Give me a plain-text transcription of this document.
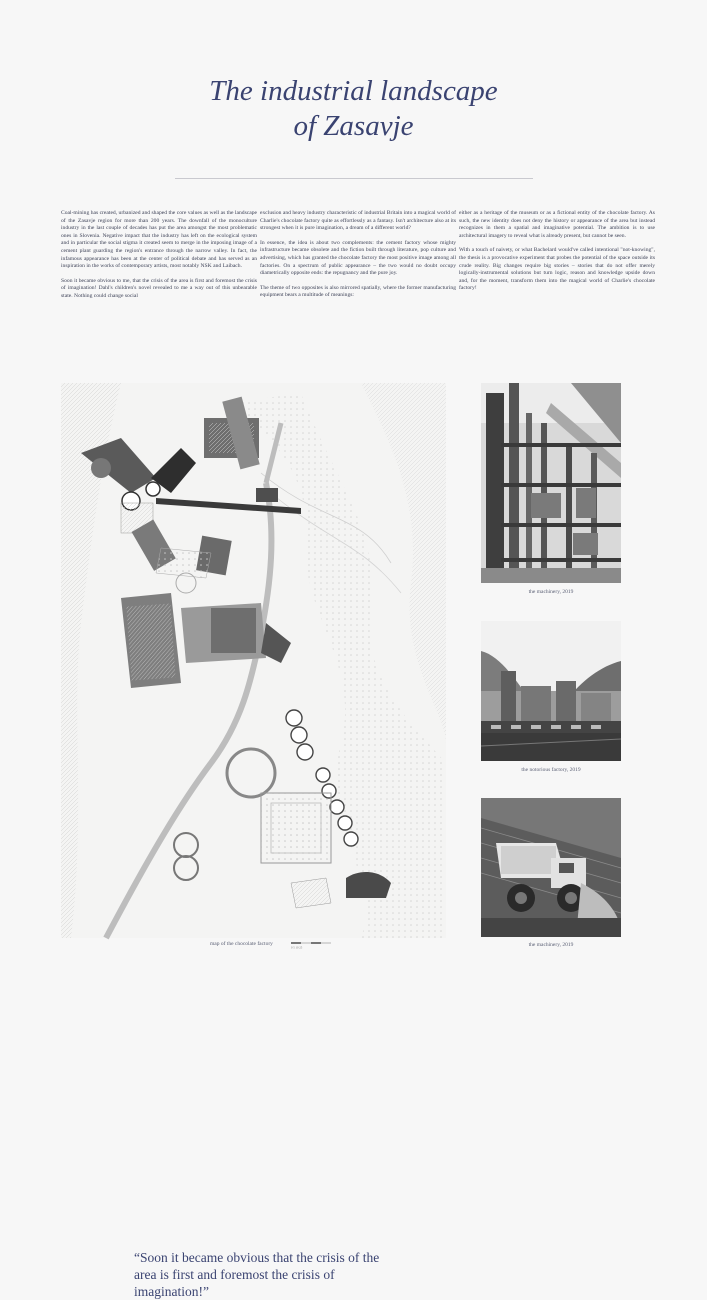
The industrial landscape
of Zasavje

Coal-mining has created, urbanized and shaped the core values as well as the landscape of the Zasavje region for more than 200 years. The downfall of the monoculture industry in the last couple of decades has put the area amongst the most problematic ones in Slovenia. Negative impact that the industry has left on the ecological system and in particular the social stigma it created seem to merge in the imposing image of a cement plant guarding the region's entrance through the narrow valley. In fact, the infamous appearance has been at the center of political debate and has served as an inspiration in the works of contemporary artists, most notably NSK and Laibach.

Soon it became obvious to me, that the crisis of the area is first and foremost the crisis of imagination! Dahl's children's novel revealed to me a way out of this unbearable state. Nothing could change social

exclusion and heavy industry characteristic of industrial Britain into a magical world of Charlie's chocolate factory quite as effortlessly as a fantasy. Isn't architecture also at its strongest when it is pure imagination, a dream of a different world?

In essence, the idea is about two complements: the cement factory whose mighty infrastructure became obsolete and the fiction built through literature, pop culture and advertising, which has granted the chocolate factory the most positive image among all factories. On a spectrum of public appearance – the two would no doubt occupy diametrically opposite ends: the repugnancy and the pure joy.

The theme of two opposites is also mirrored spatially, where the former manufacturing equipment bears a multitude of meanings:

either as a heritage of the museum or as a fictional entity of the chocolate factory. As such, the new identity does not deny the history or appearance of the area but instead recognizes in them a spatial and imaginative potential. The ambition is to use architectural imagery to reveal what is already present, but cannot be seen.

With a touch of naivety, or what Bachelard would've called intentional "not-knowing", the thesis is a provocative experiment that probes the potential of the space outside its crude reality. Big changes require big stories – stories that do not offer merely logically-instrumental solutions but turn logic, reason and knowledge upside down and, for the moment, transform them into the magical world of Charlie's chocolate factory!

“Soon it became obvious that the crisis of the area is first and foremost the crisis of imagination!”
map of the chocolate factory
0 5 10 25
the machinery, 2019
the notorious factory, 2019
the machinery, 2019
